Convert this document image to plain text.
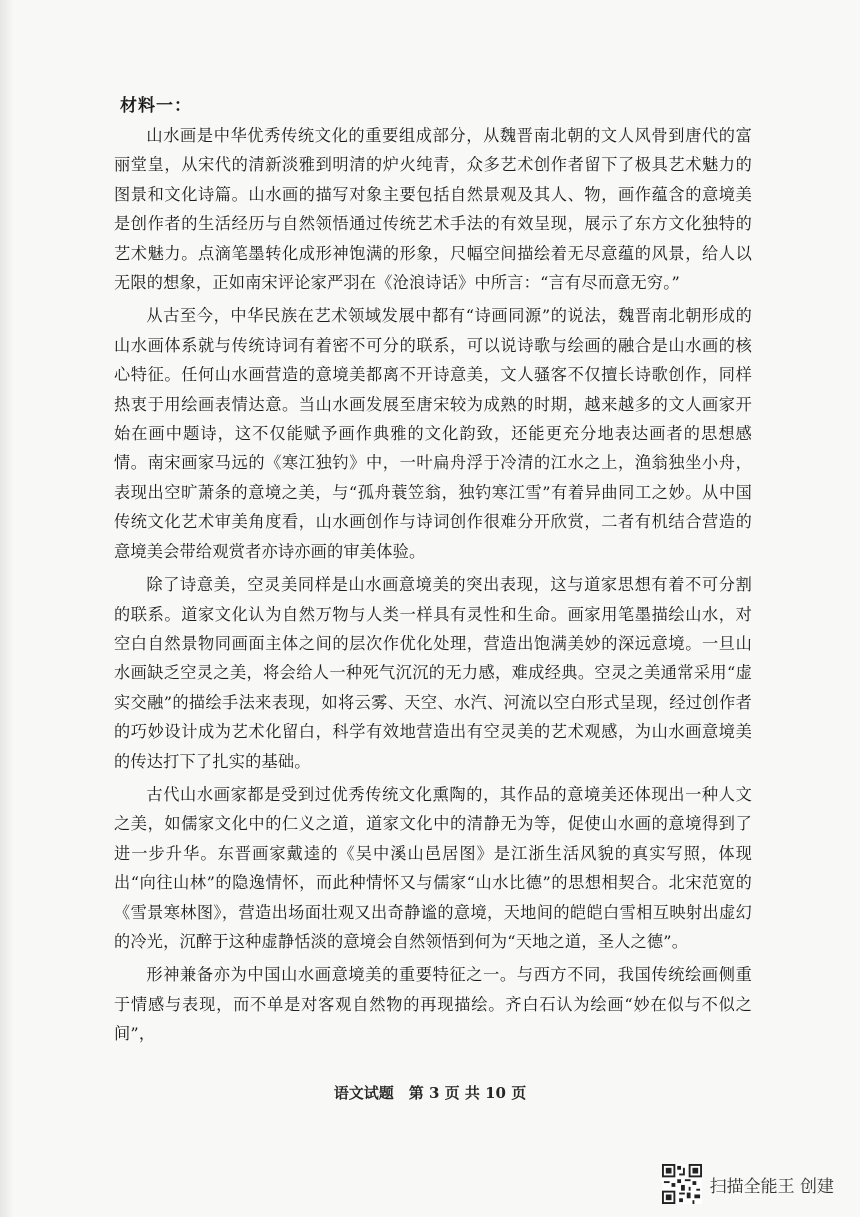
材料一：

山水画是中华优秀传统文化的重要组成部分，从魏晋南北朝的文人风骨到唐代的富丽堂皇，从宋代的清新淡雅到明清的炉火纯青，众多艺术创作者留下了极具艺术魅力的图景和文化诗篇。山水画的描写对象主要包括自然景观及其人、物，画作蕴含的意境美是创作者的生活经历与自然领悟通过传统艺术手法的有效呈现，展示了东方文化独特的艺术魅力。点滴笔墨转化成形神饱满的形象，尺幅空间描绘着无尽意蕴的风景，给人以无限的想象，正如南宋评论家严羽在《沧浪诗话》中所言：“言有尽而意无穷。”

从古至今，中华民族在艺术领域发展中都有“诗画同源”的说法，魏晋南北朝形成的山水画体系就与传统诗词有着密不可分的联系，可以说诗歌与绘画的融合是山水画的核心特征。任何山水画营造的意境美都离不开诗意美，文人骚客不仅擅长诗歌创作，同样热衷于用绘画表情达意。当山水画发展至唐宋较为成熟的时期，越来越多的文人画家开始在画中题诗，这不仅能赋予画作典雅的文化韵致，还能更充分地表达画者的思想感情。南宋画家马远的《寒江独钓》中，一叶扁舟浮于冷清的江水之上，渔翁独坐小舟，表现出空旷萧条的意境之美，与“孤舟蓑笠翁，独钓寒江雪”有着异曲同工之妙。从中国传统文化艺术审美角度看，山水画创作与诗词创作很难分开欣赏，二者有机结合营造的意境美会带给观赏者亦诗亦画的审美体验。

除了诗意美，空灵美同样是山水画意境美的突出表现，这与道家思想有着不可分割的联系。道家文化认为自然万物与人类一样具有灵性和生命。画家用笔墨描绘山水，对空白自然景物同画面主体之间的层次作优化处理，营造出饱满美妙的深远意境。一旦山水画缺乏空灵之美，将会给人一种死气沉沉的无力感，难成经典。空灵之美通常采用“虚实交融”的描绘手法来表现，如将云雾、天空、水汽、河流以空白形式呈现，经过创作者的巧妙设计成为艺术化留白，科学有效地营造出有空灵美的艺术观感，为山水画意境美的传达打下了扎实的基础。

古代山水画家都是受到过优秀传统文化熏陶的，其作品的意境美还体现出一种人文之美，如儒家文化中的仁义之道，道家文化中的清静无为等，促使山水画的意境得到了进一步升华。东晋画家戴逵的《吴中溪山邑居图》是江浙生活风貌的真实写照，体现出“向往山林”的隐逸情怀，而此种情怀又与儒家“山水比德”的思想相契合。北宋范宽的《雪景寒林图》，营造出场面壮观又出奇静谧的意境，天地间的皑皑白雪相互映射出虚幻的冷光，沉醉于这种虚静恬淡的意境会自然领悟到何为“天地之道，圣人之德”。

形神兼备亦为中国山水画意境美的重要特征之一。与西方不同，我国传统绘画侧重于情感与表现，而不单是对客观自然物的再现描绘。齐白石认为绘画“妙在似与不似之间”，

语文试题　第 3 页 共 10 页
扫描全能王 创建
